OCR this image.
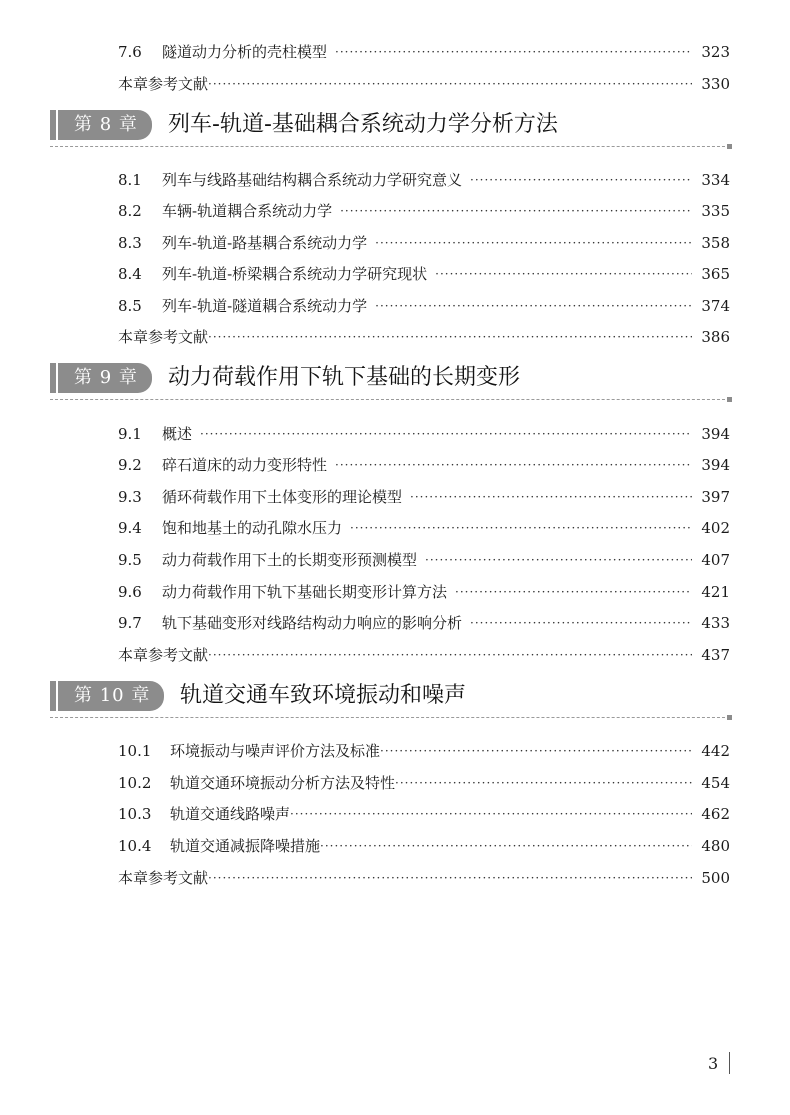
7.6	隧道动力分析的壳柱模型 ·····	323
本章参考文献 ·····	330
第 8 章	列车-轨道-基础耦合系统动力学分析方法
8.1	列车与线路基础结构耦合系统动力学研究意义 ·····	334
8.2	车辆-轨道耦合系统动力学 ·····	335
8.3	列车-轨道-路基耦合系统动力学 ·····	358
8.4	列车-轨道-桥梁耦合系统动力学研究现状 ·····	365
8.5	列车-轨道-隧道耦合系统动力学 ·····	374
本章参考文献 ·····	386
第 9 章	动力荷载作用下轨下基础的长期变形
9.1	概述 ·····	394
9.2	碎石道床的动力变形特性 ·····	394
9.3	循环荷载作用下土体变形的理论模型 ·····	397
9.4	饱和地基土的动孔隙水压力 ·····	402
9.5	动力荷载作用下土的长期变形预测模型 ·····	407
9.6	动力荷载作用下轨下基础长期变形计算方法 ·····	421
9.7	轨下基础变形对线路结构动力响应的影响分析 ·····	433
本章参考文献 ·····	437
第 10 章	轨道交通车致环境振动和噪声
10.1	环境振动与噪声评价方法及标准 ·····	442
10.2	轨道交通环境振动分析方法及特性 ·····	454
10.3	轨道交通线路噪声 ·····	462
10.4	轨道交通减振降噪措施 ·····	480
本章参考文献 ·····	500
3
